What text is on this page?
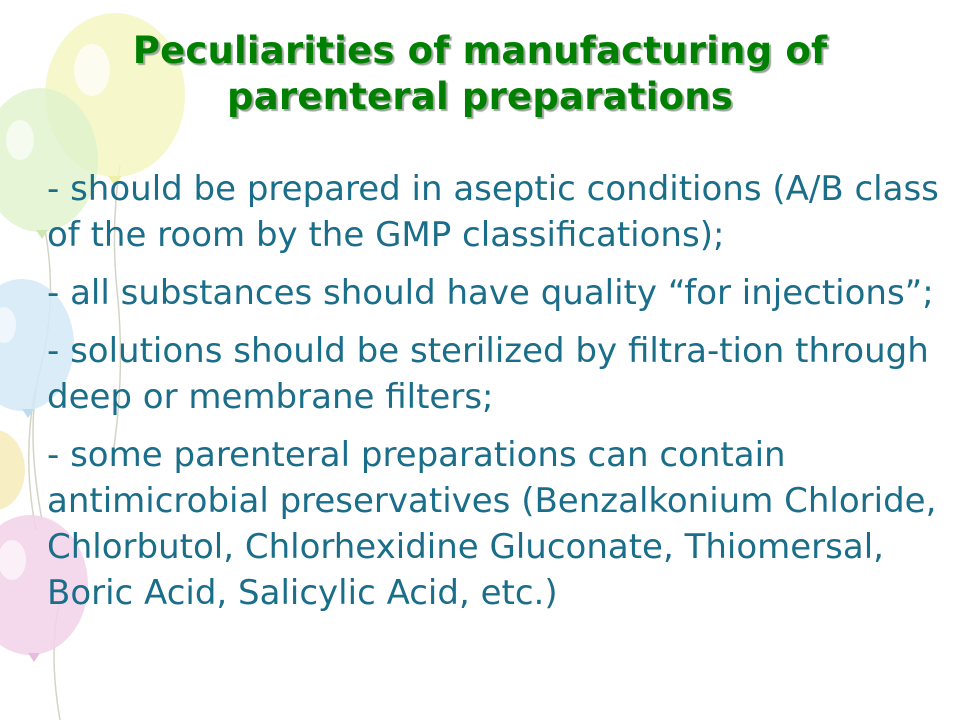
Peculiarities of manufacturing of parenteral preparations

- should be prepared in aseptic conditions (A/B class of the room by the GMP classifications);

- all substances should have quality “for injections”;

- solutions should be sterilized by filtra-tion through deep or membrane filters;

- some parenteral preparations can contain antimicrobial preservatives (Benzalkonium Chloride, Chlorbutol, Chlorhexidine Gluconate, Thiomersal, Boric Acid, Salicylic Acid, etc.)
